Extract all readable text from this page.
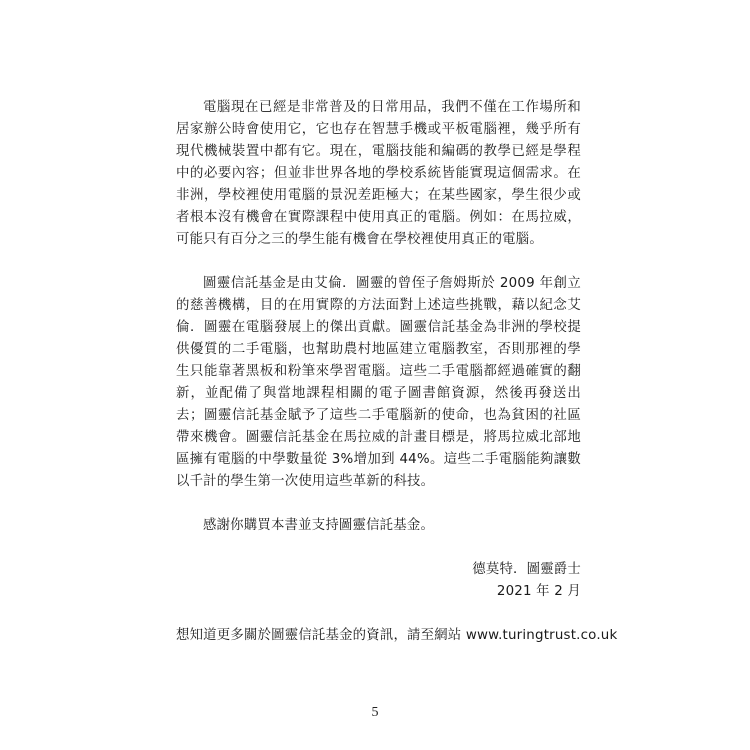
電腦現在已經是非常普及的日常用品，我們不僅在工作場所和居家辦公時會使用它，它也存在智慧手機或平板電腦裡，幾乎所有現代機械裝置中都有它。現在，電腦技能和編碼的教學已經是學程中的必要內容；但並非世界各地的學校系統皆能實現這個需求。在非洲，學校裡使用電腦的景況差距極大；在某些國家，學生很少或者根本沒有機會在實際課程中使用真正的電腦。例如：在馬拉威，可能只有百分之三的學生能有機會在學校裡使用真正的電腦。

圖靈信託基金是由艾倫．圖靈的曾侄子詹姆斯於 2009 年創立的慈善機構，目的在用實際的方法面對上述這些挑戰，藉以紀念艾倫．圖靈在電腦發展上的傑出貢獻。圖靈信託基金為非洲的學校提供優質的二手電腦，也幫助農村地區建立電腦教室，否則那裡的學生只能靠著黑板和粉筆來學習電腦。這些二手電腦都經過確實的翻新，並配備了與當地課程相關的電子圖書館資源，然後再發送出去；圖靈信託基金賦予了這些二手電腦新的使命，也為貧困的社區帶來機會。圖靈信託基金在馬拉威的計畫目標是，將馬拉威北部地區擁有電腦的中學數量從 3%增加到 44%。這些二手電腦能夠讓數以千計的學生第一次使用這些革新的科技。

感謝你購買本書並支持圖靈信託基金。

德莫特．圖靈爵士
2021 年 2 月

想知道更多關於圖靈信託基金的資訊，請至網站 www.turingtrust.co.uk

5
